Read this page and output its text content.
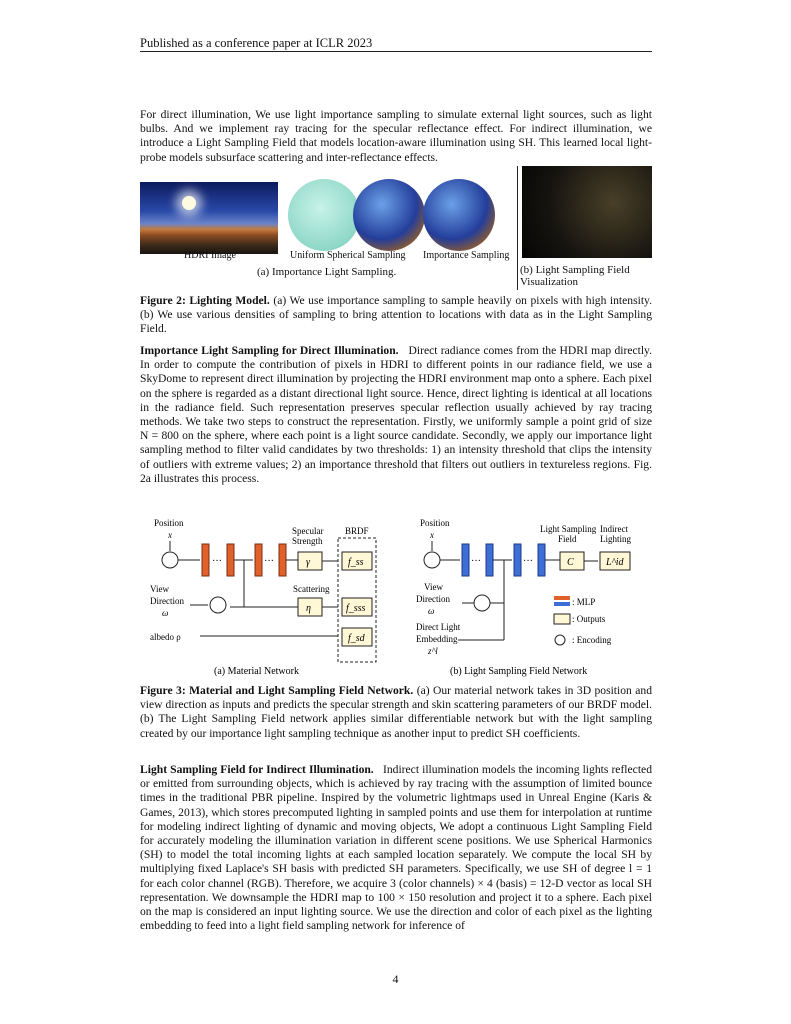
Published as a conference paper at ICLR 2023

For direct illumination, We use light importance sampling to simulate external light sources, such as light bulbs. And we implement ray tracing for the specular reflectance effect. For indirect illumination, we introduce a Light Sampling Field that models location-aware illumination using SH. This learned local light-probe models subsurface scattering and inter-reflectance effects.

HDRI Image	Uniform Spherical Sampling Importance Sampling
(a) Importance Light Sampling.	(b) Light Sampling Field
Visualization

Figure 2: Lighting Model. (a) We use importance sampling to sample heavily on pixels with high intensity. (b) We use various densities of sampling to bring attention to locations with data as in the Light Sampling Field.

Importance Light Sampling for Direct Illumination. Direct radiance comes from the HDRI map directly. In order to compute the contribution of pixels in HDRI to different points in our radiance field, we use a SkyDome to represent direct illumination by projecting the HDRI environment map onto a sphere. Each pixel on the sphere is regarded as a distant directional light source. Hence, direct lighting is identical at all locations in the radiance field. Such representation preserves specular reflection usually achieved by ray tracing methods. We take two steps to construct the representation. Firstly, we uniformly sample a point grid of size N = 800 on the sphere, where each point is a light source candidate. Secondly, we apply our importance light sampling method to filter valid candidates by two thresholds: 1) an intensity threshold that clips the intensity of outliers with extreme values; 2) an importance threshold that filters out outliers in textureless regions. Fig. 2a illustrates this process.

Position
x
···	···
Specular
Strength
γ
Scattering
η
View
Direction
ω
albedo ρ
BRDF
f_ss
f_sss
f_sd
(a) Material Network
Position
x
···	···
Light Sampling
Field
C
Indirect
Lighting
L^id
View
Direction
ω
Direct Light
Embedding
z^l
: MLP
: Outputs
: Encoding
(b) Light Sampling Field Network

Figure 3: Material and Light Sampling Field Network. (a) Our material network takes in 3D position and view direction as inputs and predicts the specular strength and skin scattering parameters of our BRDF model. (b) The Light Sampling Field network applies similar differentiable network but with the light sampling created by our importance light sampling technique as another input to predict SH coefficients.

Light Sampling Field for Indirect Illumination. Indirect illumination models the incoming lights reflected or emitted from surrounding objects, which is achieved by ray tracing with the assumption of limited bounce times in the traditional PBR pipeline. Inspired by the volumetric lightmaps used in Unreal Engine (Karis & Games, 2013), which stores precomputed lighting in sampled points and use them for interpolation at runtime for modeling indirect lighting of dynamic and moving objects, We adopt a continuous Light Sampling Field for accurately modeling the illumination variation in different scene positions. We use Spherical Harmonics (SH) to model the total incoming lights at each sampled location separately. We compute the local SH by multiplying fixed Laplace's SH basis with predicted SH parameters. Specifically, we use SH of degree l = 1 for each color channel (RGB). Therefore, we acquire 3 (color channels) × 4 (basis) = 12-D vector as local SH representation. We downsample the HDRI map to 100 × 150 resolution and project it to a sphere. Each pixel on the map is considered an input lighting source. We use the direction and color of each pixel as the lighting embedding to feed into a light field sampling network for inference of

4
